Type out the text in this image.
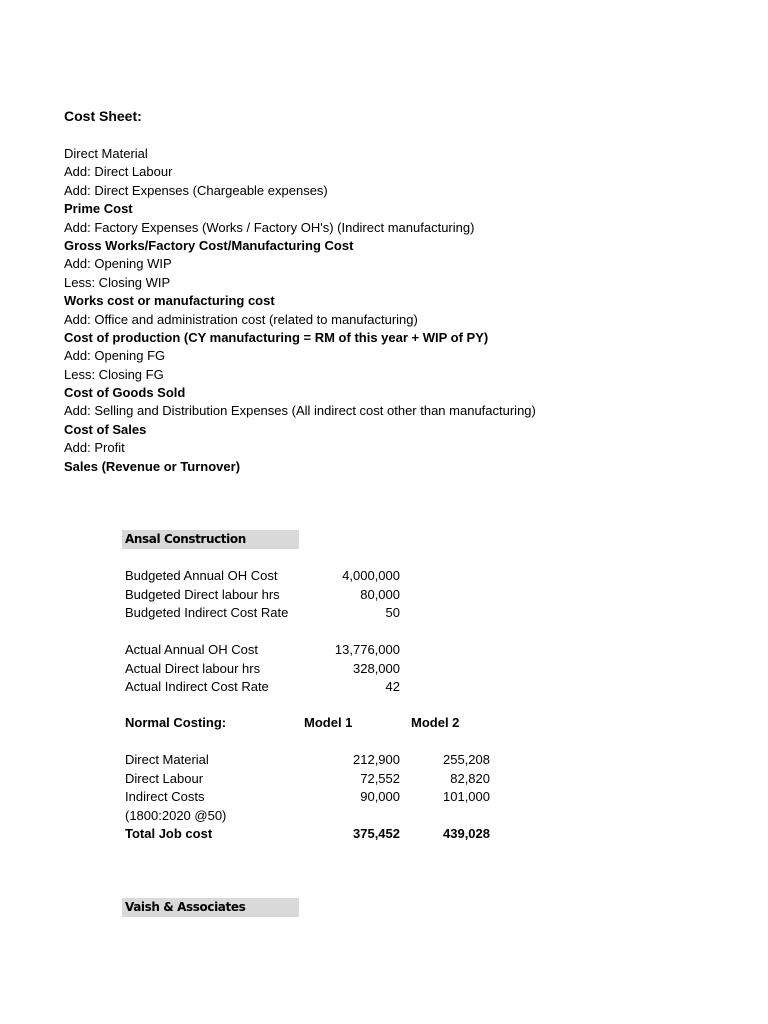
Cost Sheet:
Direct Material
Add: Direct Labour
Add: Direct Expenses (Chargeable expenses)
Prime Cost
Add: Factory Expenses (Works / Factory OH's) (Indirect manufacturing)
Gross Works/Factory Cost/Manufacturing Cost
Add: Opening WIP
Less: Closing WIP
Works cost or manufacturing cost
Add: Office and administration cost (related to manufacturing)
Cost of production (CY manufacturing = RM of this year + WIP of PY)
Add: Opening FG
Less: Closing FG
Cost of Goods Sold
Add: Selling and Distribution Expenses (All indirect cost other than manufacturing)
Cost of Sales
Add: Profit
Sales (Revenue or Turnover)
Ansal Construction
Budgeted Annual OH Cost	4,000,000
Budgeted Direct labour hrs	80,000
Budgeted Indirect Cost Rate	50
Actual Annual OH Cost	13,776,000
Actual Direct labour hrs	328,000
Actual Indirect Cost Rate	42
Normal Costing:	Model 1	Model 2
Direct Material	212,900	255,208
Direct Labour	72,552	82,820
Indirect Costs	90,000	101,000
(1800:2020 @50)
Total Job cost	375,452	439,028
Vaish & Associates
